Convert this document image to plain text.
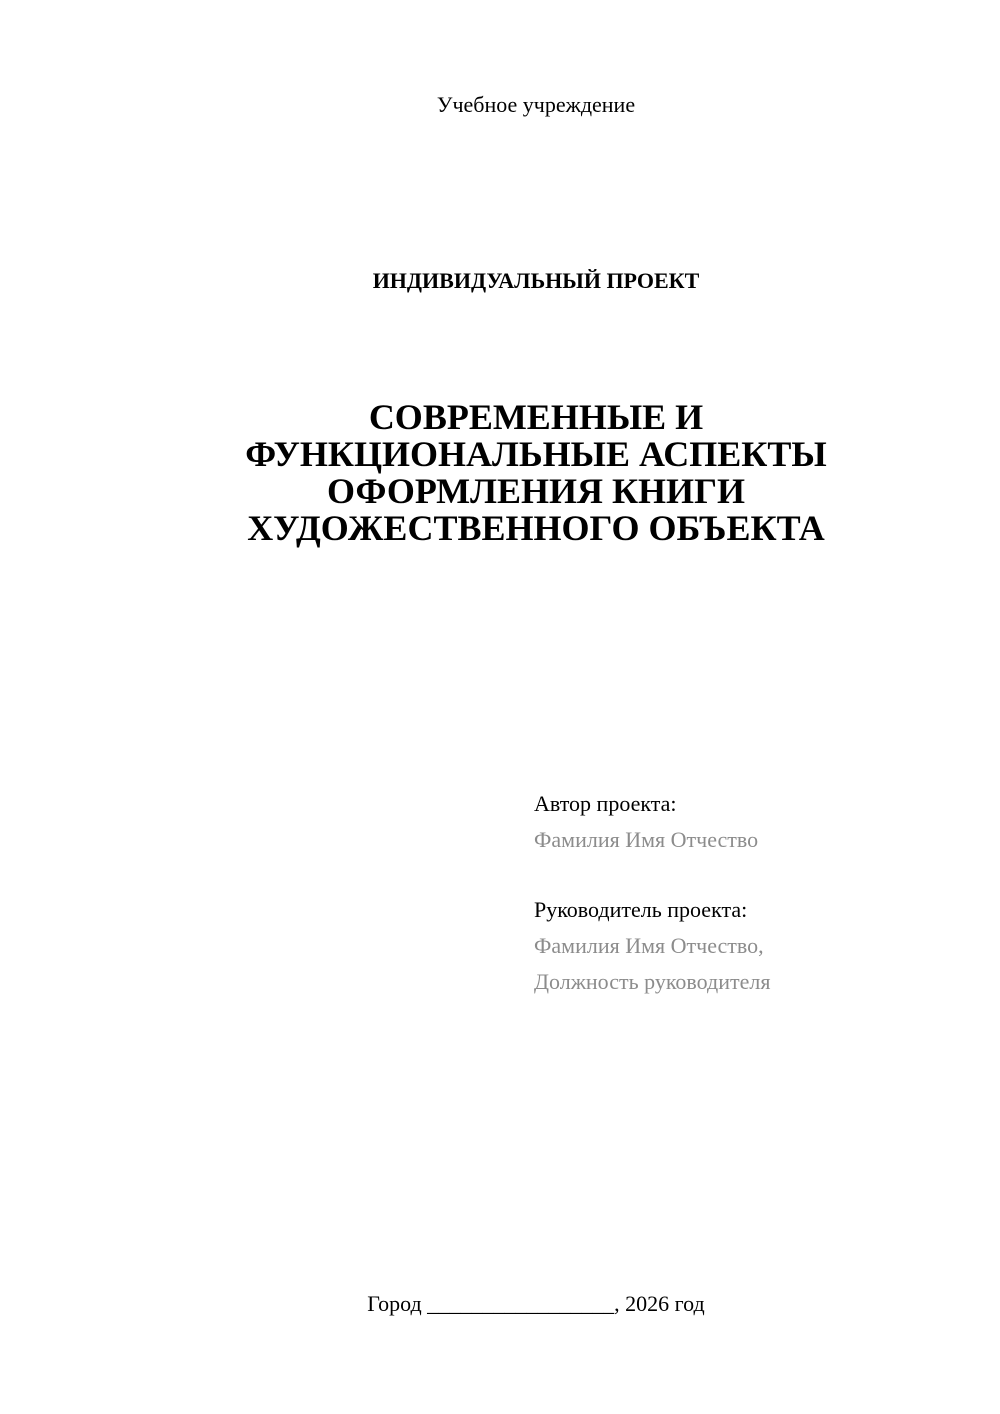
Учебное учреждение
ИНДИВИДУАЛЬНЫЙ ПРОЕКТ
СОВРЕМЕННЫЕ И
ФУНКЦИОНАЛЬНЫЕ АСПЕКТЫ
ОФОРМЛЕНИЯ КНИГИ
ХУДОЖЕСТВЕННОГО ОБЪЕКТА
Автор проекта:
Фамилия Имя Отчество
Руководитель проекта:
Фамилия Имя Отчество,
Должность руководителя
Город _________________, 2026 год
